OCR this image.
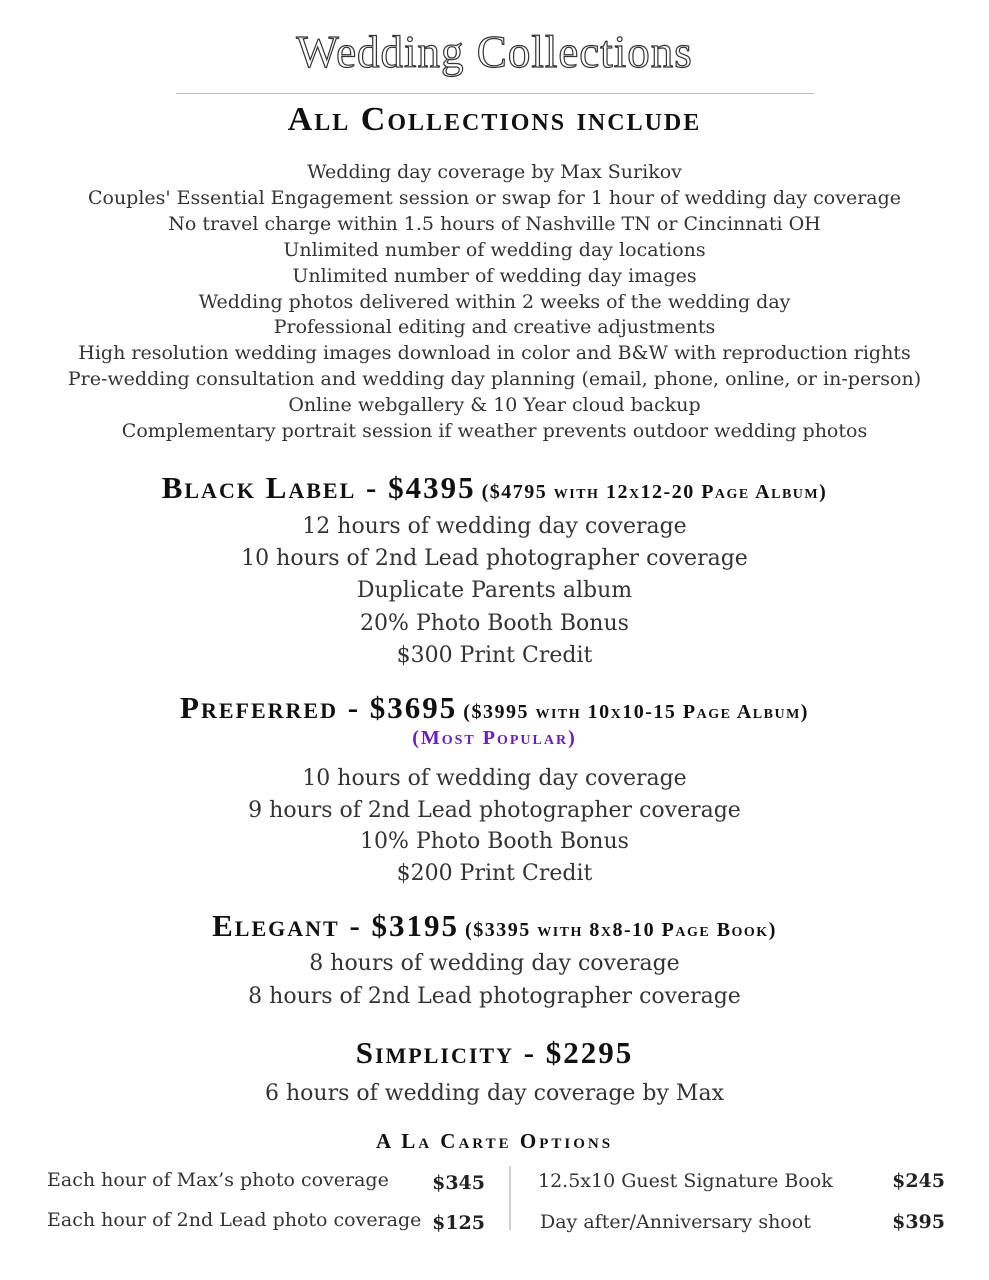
Wedding Collections
All Collections include
Wedding day coverage by Max Surikov
Couples' Essential Engagement session or swap for 1 hour of wedding day coverage
No travel charge within 1.5 hours of Nashville TN or Cincinnati OH
Unlimited number of wedding day locations
Unlimited number of wedding day images
Wedding photos delivered within 2 weeks of the wedding day
Professional editing and creative adjustments
High resolution wedding images download in color and B&W with reproduction rights
Pre-wedding consultation and wedding day planning (email, phone, online, or in-person)
Online webgallery & 10 Year cloud backup
Complementary portrait session if weather prevents outdoor wedding photos
Black Label - $4395 ($4795 with 12x12-20 Page Album)
12 hours of wedding day coverage
10 hours of 2nd Lead photographer coverage
Duplicate Parents album
20% Photo Booth Bonus
$300 Print Credit
Preferred - $3695 ($3995 with 10x10-15 Page Album)
(Most Popular)
10 hours of wedding day coverage
9 hours of 2nd Lead photographer coverage
10% Photo Booth Bonus
$200 Print Credit
Elegant - $3195 ($3395 with 8x8-10 Page Book)
8 hours of wedding day coverage
8 hours of 2nd Lead photographer coverage
Simplicity - $2295
6 hours of wedding day coverage by Max
A La Carte Options
Each hour of Max’s photo coverage	$345
Each hour of 2nd Lead photo coverage $125
12.5x10 Guest Signature Book	$245
Day after/Anniversary shoot	$395
